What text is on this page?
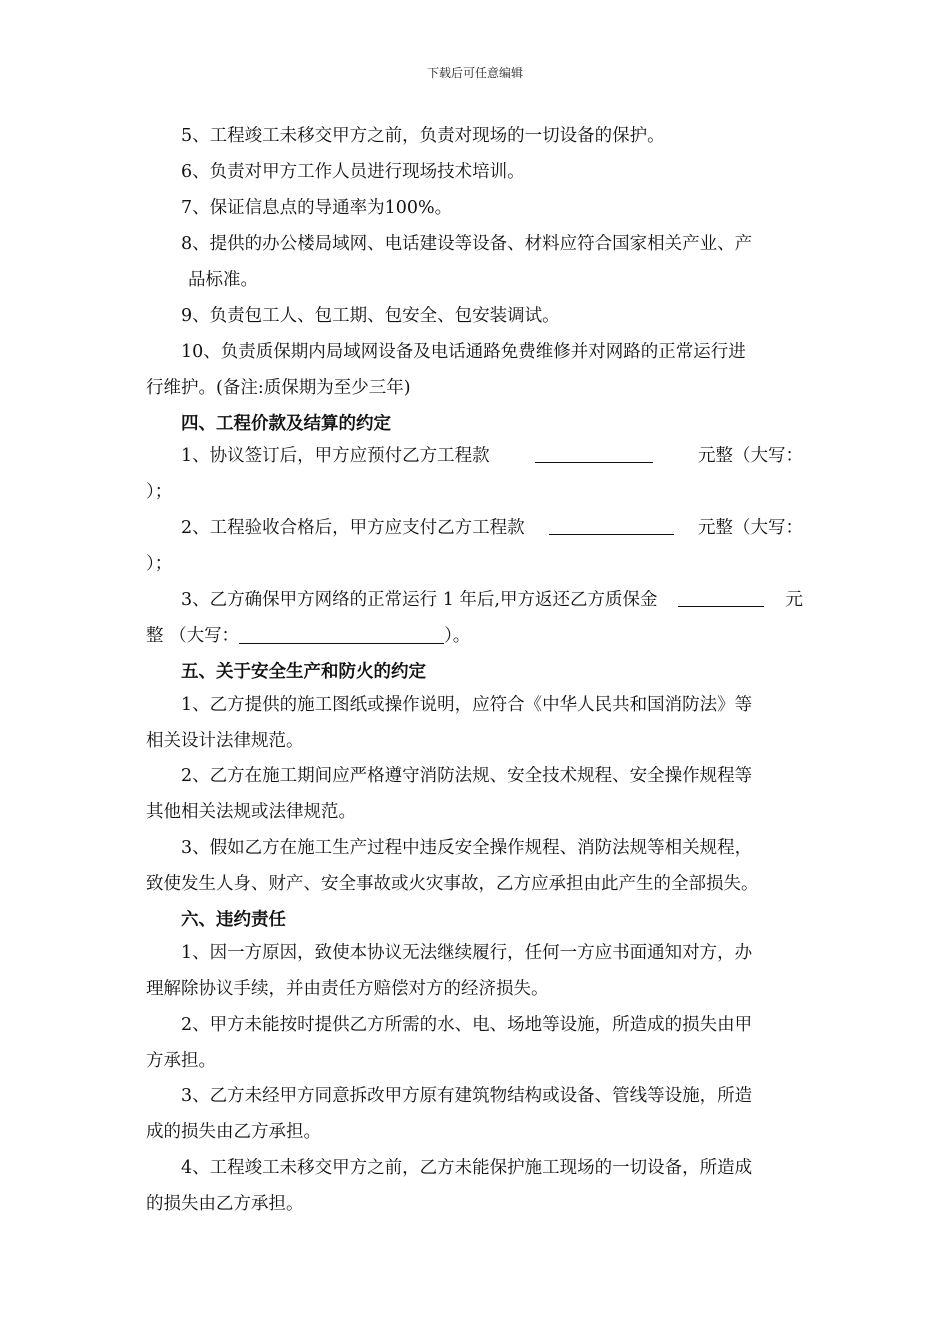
下载后可任意编辑
5、工程竣工未移交甲方之前，负责对现场的一切设备的保护。
6、负责对甲方工作人员进行现场技术培训。
7、保证信息点的导通率为100%。
8、提供的办公楼局域网、电话建设等设备、材料应符合国家相关产业、产
品标准。
9、负责包工人、包工期、包安全、包安装调试。
10、负责质保期内局域网设备及电话通路免费维修并对网路的正常运行进
行维护。(备注:质保期为至少三年)
四、工程价款及结算的约定
1、协议签订后，甲方应预付乙方工程款	元整（大写：
）；
2、工程验收合格后，甲方应支付乙方工程款	元整（大写：
）；
3、乙方确保甲方网络的正常运行 1 年后,甲方返还乙方质保金	元
整 （大写：	）。
五、关于安全生产和防火的约定
1、乙方提供的施工图纸或操作说明，应符合《中华人民共和国消防法》等
相关设计法律规范。
2、乙方在施工期间应严格遵守消防法规、安全技术规程、安全操作规程等
其他相关法规或法律规范。
3、假如乙方在施工生产过程中违反安全操作规程、消防法规等相关规程，
致使发生人身、财产、安全事故或火灾事故，乙方应承担由此产生的全部损失。
六、违约责任
1、因一方原因，致使本协议无法继续履行，任何一方应书面通知对方，办
理解除协议手续，并由责任方赔偿对方的经济损失。
2、甲方未能按时提供乙方所需的水、电、场地等设施，所造成的损失由甲
方承担。
3、乙方未经甲方同意拆改甲方原有建筑物结构或设备、管线等设施，所造
成的损失由乙方承担。
4、工程竣工未移交甲方之前，乙方未能保护施工现场的一切设备，所造成
的损失由乙方承担。
